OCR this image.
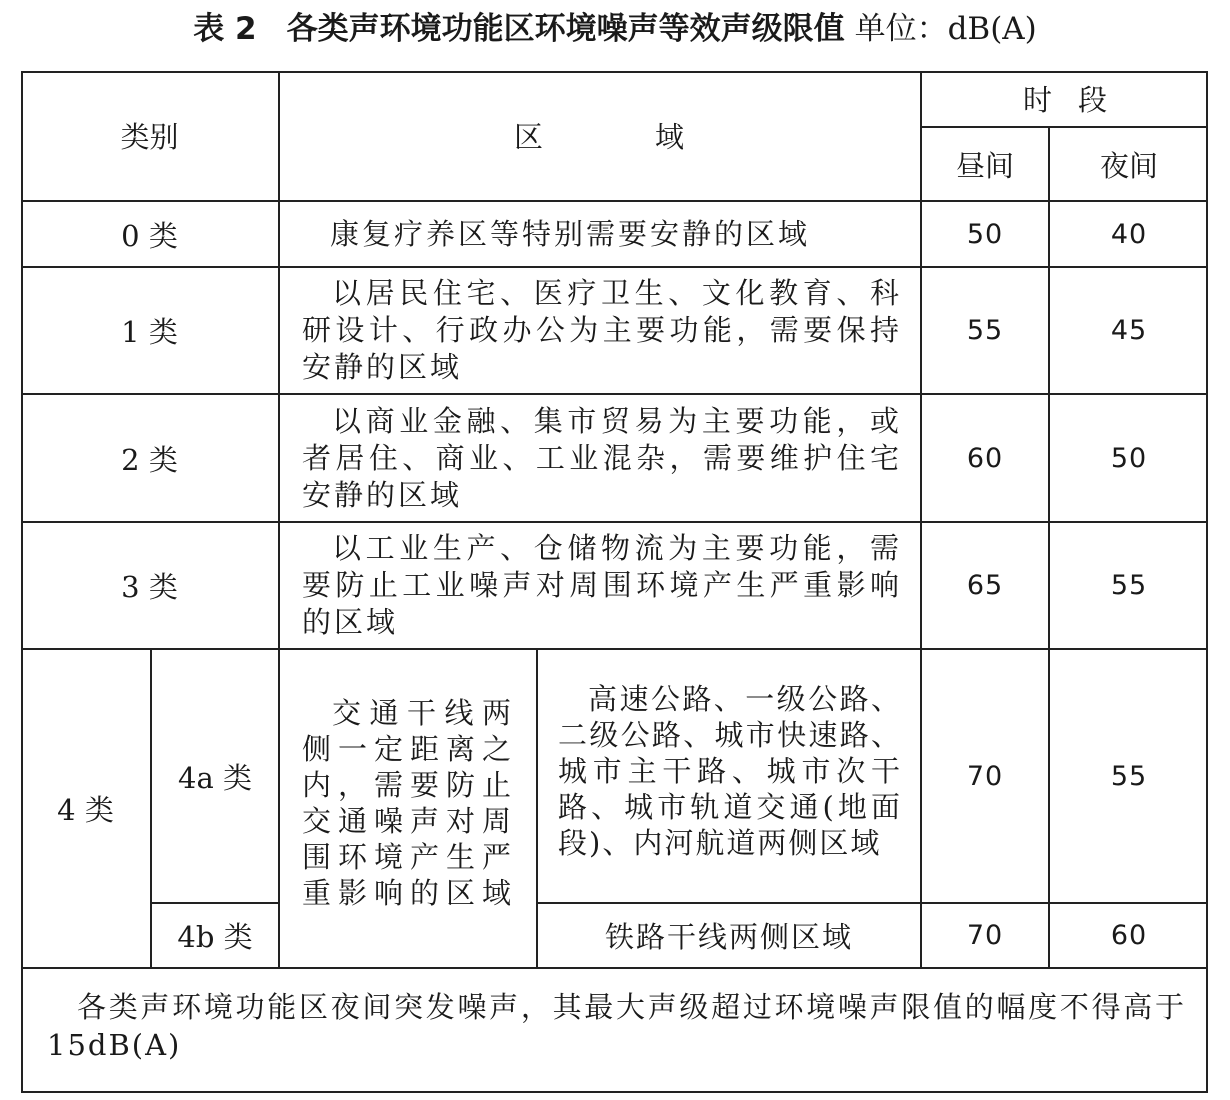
表 2 各类声环境功能区环境噪声等效声级限值 单位：dB(A)
类别		区 域		时 段	
				昼间	夜间
0 类		康复疗养区等特别需要安静的区域		50	40
1 类		以居民住宅、医疗卫生、文化教育、科研设计、行政办公为主要功能，需要保持安静的区域		55	45
2 类		以商业金融、集市贸易为主要功能，或者居住、商业、工业混杂，需要维护住宅安静的区域		60	50
3 类		以工业生产、仓储物流为主要功能，需要防止工业噪声对周围环境产生严重影响的区域		65	55
4 类	4a 类	交通干线两侧一定距离之内，需要防止交通噪声对周围环境产生严重影响的区域	高速公路、一级公路、二级公路、城市快速路、城市主干路、城市次干路、城市轨道交通(地面段)、内河航道两侧区域	70	55
	4b 类		铁路干线两侧区域	70	60
各类声环境功能区夜间突发噪声，其最大声级超过环境噪声限值的幅度不得高于 15dB(A)
